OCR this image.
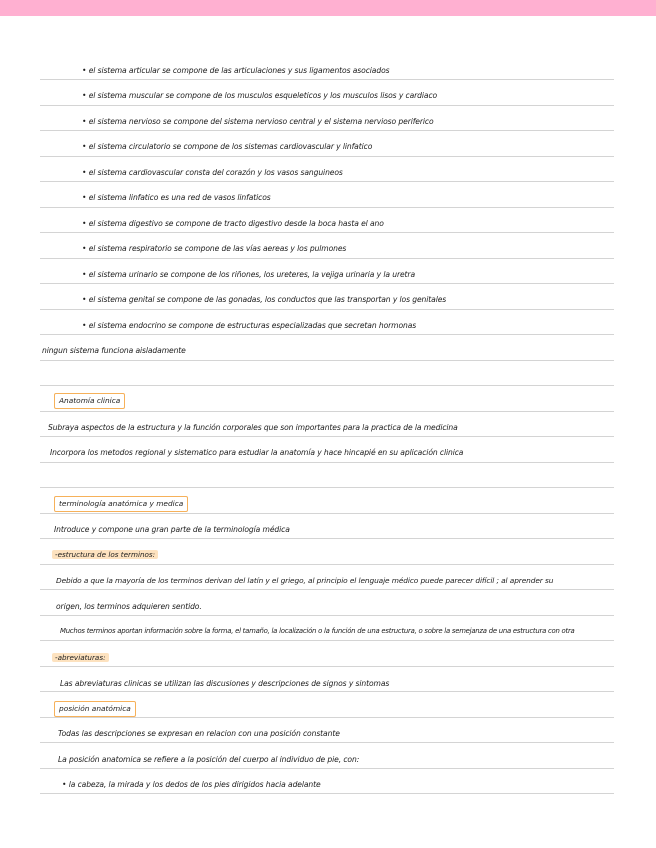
• el sistema articular se compone de las articulaciones y sus ligamentos asociados
• el sistema muscular se compone de los musculos esqueleticos y los musculos lisos y cardiaco
• el sistema nervioso se compone del sistema nervioso central y el sistema nervioso periferico
• el sistema circulatorio se compone de los sistemas cardiovascular y linfatico
• el sistema cardiovascular consta del corazón y los vasos sanguineos
• el sistema linfatico es una red de vasos linfaticos
• el sistema digestivo se compone de tracto digestivo desde la boca hasta el ano
• el sistema respiratorio se compone de las vías aereas y los pulmones
• el sistema urinario se compone de los riñones, los ureteres, la vejiga urinaria y la uretra
• el sistema genital se compone de las gonadas, los conductos que las transportan y los genitales
• el sistema endocrino se compone de estructuras especializadas que secretan hormonas
ningun sistema funciona aisladamente
Anatomía clinica
Subraya aspectos de la estructura y la función corporales que son importantes para la practica de la medicina
Incorpora los metodos regional y sistematico para estudiar la anatomía y hace hincapié en su aplicación clinica
terminología anatómica y medica
Introduce y compone una gran parte de la terminología médica
-estructura de los terminos:
Debido a que la mayoría de los terminos derivan del latín y el griego, al principio el lenguaje médico puede parecer difícil ; al aprender su
origen, los terminos adquieren sentido.
Muchos terminos aportan información sobre la forma, el tamaño, la localización o la función de una estructura, o sobre la semejanza de una estructura con otra
-abreviaturas:
Las abreviaturas clinicas se utilizan las discusiones y descripciones de signos y sintomas
posición anatómica
Todas las descripciones se expresan en relacion con una posición constante
La posición anatomica se refiere a la posición del cuerpo al individuo de pie, con:
• la cabeza, la mirada y los dedos de los pies dirigidos hacia adelante
